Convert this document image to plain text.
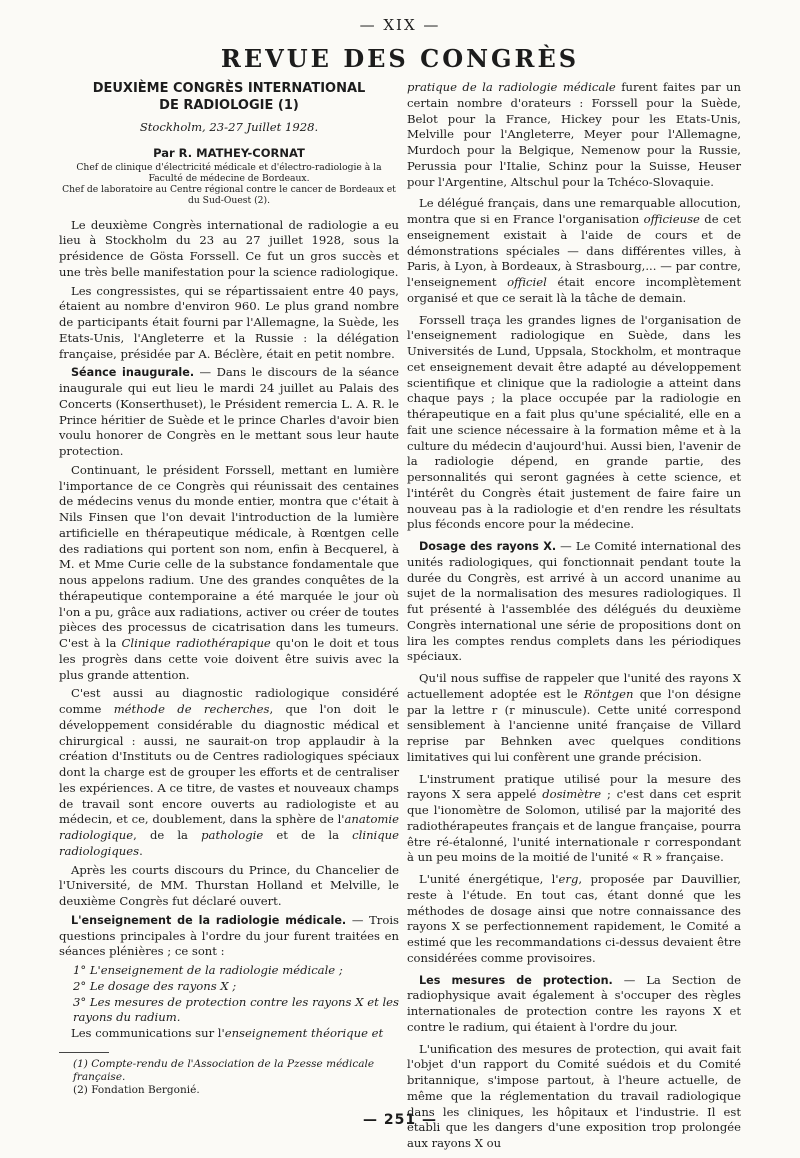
— XIX —
REVUE DES CONGRÈS
DEUXIÈME CONGRÈS INTERNATIONAL
DE RADIOLOGIE (1)
Stockholm, 23-27 Juillet 1928.
Par R. MATHEY-CORNAT
Chef de clinique d'électricité médicale et d'électro-radiologie à la Faculté de médecine de Bordeaux.
Chef de laboratoire au Centre régional contre le cancer de Bordeaux et du Sud-Ouest (2).

Le deuxième Congrès international de radiologie a eu lieu à Stockholm du 23 au 27 juillet 1928, sous la présidence de Gösta Forssell. Ce fut un gros succès et une très belle manifestation pour la science radiologique.

Les congressistes, qui se répartissaient entre 40 pays, étaient au nombre d'environ 960. Le plus grand nombre de participants était fourni par l'Allemagne, la Suède, les Etats-Unis, l'Angleterre et la Russie : la délégation française, présidée par A. Béclère, était en petit nombre.

Séance inaugurale. — Dans le discours de la séance inaugurale qui eut lieu le mardi 24 juillet au Palais des Concerts (Konserthuset), le Président remercia L. A. R. le Prince héritier de Suède et le prince Charles d'avoir bien voulu honorer de Congrès en le mettant sous leur haute protection.

Continuant, le président Forssell, mettant en lumière l'importance de ce Congrès qui réunissait des centaines de médecins venus du monde entier, montra que c'était à Nils Finsen que l'on devait l'introduction de la lumière artificielle en thérapeutique médicale, à Rœntgen celle des radiations qui portent son nom, enfin à Becquerel, à M. et Mme Curie celle de la substance fondamentale que nous appelons radium. Une des grandes conquêtes de la thérapeutique contemporaine a été marquée le jour où l'on a pu, grâce aux radiations, activer ou créer de toutes pièces des processus de cicatrisation dans les tumeurs. C'est à la Clinique radiothérapique qu'on le doit et tous les progrès dans cette voie doivent être suivis avec la plus grande attention.

C'est aussi au diagnostic radiologique considéré comme méthode de recherches, que l'on doit le développement considérable du diagnostic médical et chirurgical : aussi, ne saurait-on trop applaudir à la création d'Instituts ou de Centres radiologiques spéciaux dont la charge est de grouper les efforts et de centraliser les expériences. A ce titre, de vastes et nouveaux champs de travail sont encore ouverts au radiologiste et au médecin, et ce, doublement, dans la sphère de l'anatomie radiologique, de la pathologie et de la clinique radiologiques.

Après les courts discours du Prince, du Chancelier de l'Université, de MM. Thurstan Holland et Melville, le deuxième Congrès fut déclaré ouvert.

L'enseignement de la radiologie médicale. — Trois questions principales à l'ordre du jour furent traitées en séances plénières ; ce sont :

1° L'enseignement de la radiologie médicale ;

2° Le dosage des rayons X ;

3° Les mesures de protection contre les rayons X et les rayons du radium.

Les communications sur l'enseignement théorique et

pratique de la radiologie médicale furent faites par un certain nombre d'orateurs : Forssell pour la Suède, Belot pour la France, Hickey pour les Etats-Unis, Melville pour l'Angleterre, Meyer pour l'Allemagne, Murdoch pour la Belgique, Nemenow pour la Russie, Perussia pour l'Italie, Schinz pour la Suisse, Heuser pour l'Argentine, Altschul pour la Tchéco-Slovaquie.

Le délégué français, dans une remarquable allocution, montra que si en France l'organisation officieuse de cet enseignement existait à l'aide de cours et de démonstrations spéciales — dans différentes villes, à Paris, à Lyon, à Bordeaux, à Strasbourg,... — par contre, l'enseignement officiel était encore incomplètement organisé et que ce serait là la tâche de demain.

Forssell traça les grandes lignes de l'organisation de l'enseignement radiologique en Suède, dans les Universités de Lund, Uppsala, Stockholm, et montraque cet enseignement devait être adapté au développement scientifique et clinique que la radiologie a atteint dans chaque pays ; la place occupée par la radiologie en thérapeutique en a fait plus qu'une spécialité, elle en a fait une science nécessaire à la formation même et à la culture du médecin d'aujourd'hui. Aussi bien, l'avenir de la radiologie dépend, en grande partie, des personnalités qui seront gagnées à cette science, et l'intérêt du Congrès était justement de faire faire un nouveau pas à la radiologie et d'en rendre les résultats plus féconds encore pour la médecine.

Dosage des rayons X. — Le Comité international des unités radiologiques, qui fonctionnait pendant toute la durée du Congrès, est arrivé à un accord unanime au sujet de la normalisation des mesures radiologiques. Il fut présenté à l'assemblée des délégués du deuxième Congrès international une série de propositions dont on lira les comptes rendus complets dans les périodiques spéciaux.

Qu'il nous suffise de rappeler que l'unité des rayons X actuellement adoptée est le Röntgen que l'on désigne par la lettre r (r minuscule). Cette unité correspond sensiblement à l'ancienne unité française de Villard reprise par Behnken avec quelques conditions limitatives qui lui confèrent une grande précision.

L'instrument pratique utilisé pour la mesure des rayons X sera appelé dosimètre ; c'est dans cet esprit que l'ionomètre de Solomon, utilisé par la majorité des radiothérapeutes français et de langue française, pourra être ré-étalonné, l'unité internationale r correspondant à un peu moins de la moitié de l'unité « R » française.

L'unité énergétique, l'erg, proposée par Dauvillier, reste à l'étude. En tout cas, étant donné que les méthodes de dosage ainsi que notre connaissance des rayons X se perfectionnement rapidement, le Comité a estimé que les recommandations ci-dessus devaient être considérées comme provisoires.

Les mesures de protection. — La Section de radiophysique avait également à s'occuper des règles internationales de protection contre les rayons X et contre le radium, qui étaient à l'ordre du jour.

L'unification des mesures de protection, qui avait fait l'objet d'un rapport du Comité suédois et du Comité britannique, s'impose partout, à l'heure actuelle, de même que la réglementation du travail radiologique dans les cliniques, les hôpitaux et l'industrie. Il est établi que les dangers d'une exposition trop prolongée aux rayons X ou

(1) Compte-rendu de l'Association de la Pzesse médicale française.

(2) Fondation Bergonié.

— 251 —
